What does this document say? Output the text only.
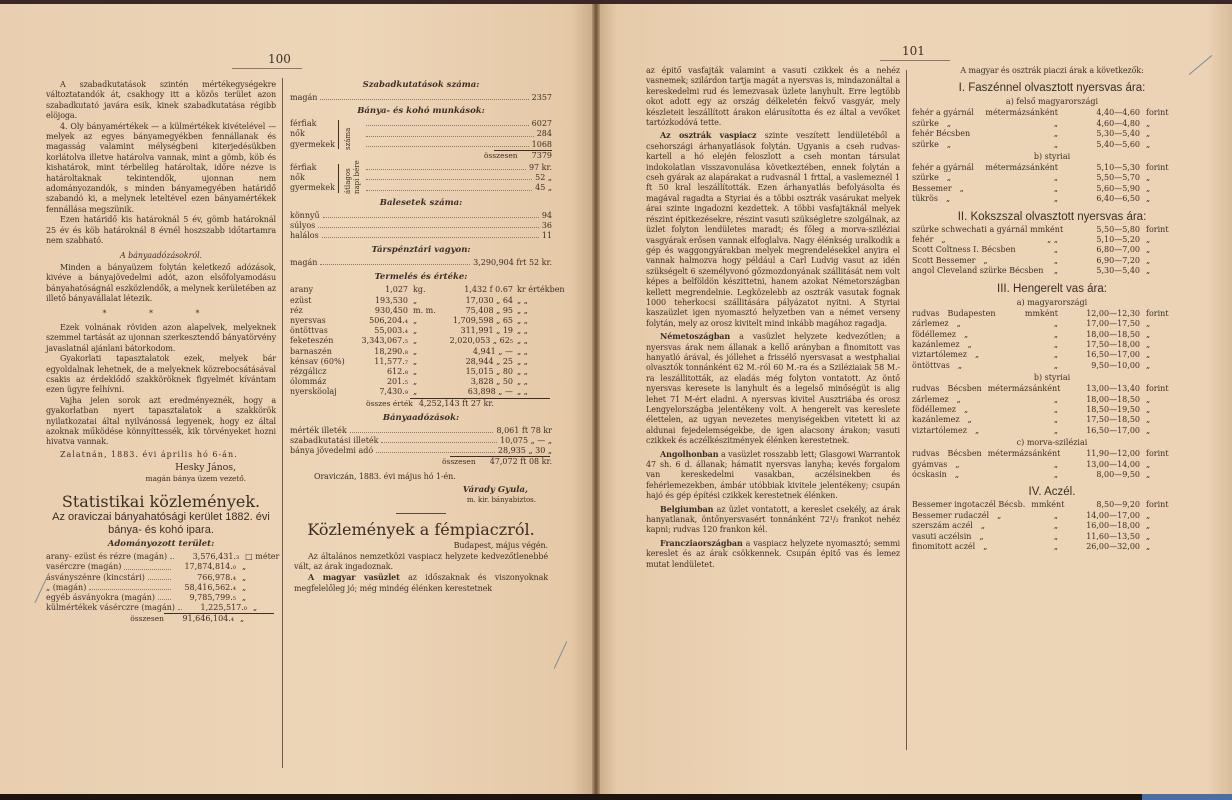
100

A szabadkutatások szintén mértékegységekre változtatandók át, csakhogy itt a közös terület azon szabadkutató javára esik, kinek szabadkutatása régibb elöjoga.

4. Oly bányamértékek — a külmértékek kivételével — melyek az egyes bányamegyékben fennállanak és magasság valamint mélységbeni kiterjedésükben korlátolva illetve határolva vannak, mint a gömb, köb és kishatárok, mint térbelileg határoltak, időre nézve is határoltaknak tekintendők, ujonnan nem adományozandók, s minden bányamegyében határidő szabandó ki, a melynek leteltével ezen bányamértékek fennállása megszünik.

Ezen határidő kis határoknál 5 év, gömb határoknál 25 év és köb határoknál 8 évnél hoszszabb időtartamra nem szabható.

A bányaadózásokról.

Minden a bányaüzem folytán keletkező adózások, kivéve a bányajövedelmi adót, azon elsőfolyamodásu bányahatóságnál eszközlendők, a melynek kerületében az illető bányavállalat létezik.

* * *

Ezek volnának röviden azon alapelvek, melyeknek szemmel tartását az ujonnan szerkesztendő bányatörvény javaslatnál ajánlani bátorkodom.

Gyakorlati tapasztalatok ezek, melyek bár egyoldalnak lehetnek, de a melyeknek közrebocsátásával csakis az érdeklődő szakköröknek figyelmét kívántam ezen ügyre felhívni.

Vajha jelen sorok azt eredményeznék, hogy a gyakorlatban nyert tapasztalatok a szakkörök nyilatkozatai által nyilvánossá legyenek, hogy ez által azoknak működése könnyíttessék, kik törvényeket hozni hivatva vannak.

Zalatnán, 1883. évi április hó 6-án.

Hesky János,
magán bánya üzem vezető.
Statistikai közlemények.
Az oraviczai bányahatósági kerület 1882. évi bánya- és kohó ipara.
Adományozott terület:
arany- ezüst és rézre (magán)	3,576,431.₃ □ méter
vasérczre (magán)	17,874,814.₀ „
ásványszénre (kincstári)	766,978.₄ „
„ (magán)	58,416,562.₄ „
egyéb ásványokra (magán)	9,785,799.₅ „
külmértékek vásérczre (magán)	1,225,517.₀ „
összesen	91,646,104.₄ „
Szabadkutatások száma:
magán	2357
Bánya- és kohó munkások:
száma
férfiak	6027
nők	284
gyermekek	1068
összesen 7379
átlagos napi bére
férfiak	97 kr.
nők	52 „
gyermekek	45 „
Balesetek száma:
könnyű	94
súlyos	36
halálos	11
Társpénztári vagyon:
magán	3,290,904 frt 52 kr.
Termelés és értéke:
arany	1,027 kg.	1,432 f 0.67 kr értékben
ezüst	193,530 „	17,030 „ 64 „ „
réz	930,450 m. m.	75,408 „ 95 „ „
nyersvas	506,204.₄ „	1,709,598 „ 65 „ „
öntöttvas	55,003.₄ „	311,991 „ 19 „ „
feketeszén	3,343,067.₅ „	2,020,053 „ 62₅ „ „
barnaszén	18,290.₈ „	4,941 „ — „ „
kénsav (60%)	11,577.₇ „	28,944 „ 25 „ „
rézgálicz	612.₈ „	15,015 „ 80 „ „
ólommáz	201.₅ „	3,828 „ 50 „ „
nyersköolaj	7,430.₉ „	63,898 „ — „ „
összes érték 4,252,143 ft 27 kr.
Bányaadózások:
mérték illeték	8,061 ft 78 kr
szabadkutatási illeték	10,075 „ — „
bánya jövedelmi adó	28,935 „ 30 „
összesen 47,072 ft 08 kr.
Oraviczán, 1883. évi május hó 1-én.
Várady Gyula,
m. kir. bányabiztos.
Közlemények a fémpiaczról.
Budapest, május végén.

Az általános nemzetközi vaspiacz helyzete kedvezőtlenebbé vált, az árak ingadoznak.

A magyar vasüzlet az időszaknak és viszonyoknak megfelelőleg jó; még mindég élénken kerestetnek

101

az épitő vasfajták valamint a vasuti czikkek és a nehéz vasnemek; szilárdon tartja magát a nyersvas is, mindazonáltal a kereskedelmi rud és lemezvasak üzlete lanyhult. Erre legtöbb okot adott egy az ország délkeletén fekvő vasgyár, mely készleteit leszállított árakon elárusította és ez által a vevőket tartózkodóvá tette.

Az osztrák vaspiacz szinte veszített lendületéből a csehországi árhanyatlások folytán. Ugyanis a cseh rudvas-kartell a hó elején feloszlott a cseh montan társulat indokolatlan visszavonulása következtében, ennek folytán a cseh gyárak az alapárakat a rudvasnál 1 frttal, a vaslemeznél 1 ft 50 kral leszállították. Ezen árhanyatlás befolyásolta és magával ragadta a Styriai és a többi osztrák vasárukat melyek árai szinte ingadozni kezdettek. A többi vasfajtáknál melyek részint épitkezésekre, részint vasuti szükségletre szolgálnak, az üzlet folyton lendületes maradt; és főleg a morva-sziléziai vasgyárak erősen vannak elfoglalva. Nagy élénkség uralkodik a gép és waggongyárakban melyek megrendelésekkel anyira el vannak halmozva hogy például a Carl Ludvig vasut az idén szükségelt 6 személyvonó gőzmozdonyának szállitását nem volt képes a belföldön készittetni, hanem azokat Németországban kellett megrendelnie. Legközelebb az osztrák vasutak fognak 1000 teherkocsi szállitására pályázatot nyitni. A Styriai kaszaüzlet igen nyomasztó helyzetben van a német verseny folytán, mely az orosz kivitelt mind inkább magához ragadja.

Németoszágban a vasüzlet helyzete kedvezőtlen; a nyersvas árak nem állanak a kellő arányban a finomitott vas hanyatló árával, és jóllehet a frissélő nyersvasat a westphaliai olvasztók tonnánként 62 M.-ról 60 M.-ra és a Sziléziaiak 58 M.-ra leszállitották, az eladás még folyton vontatott. Az öntő nyersvas keresete is lanyhult és a legelső minőségüt is alig lehet 71 M-ért eladni. A nyersvas kivitel Ausztriába és orosz Lengyelországba jelentékeny volt. A hengerelt vas kereslete élettelen, az ugyan nevezetes menyiségekben vitetett ki az aldunai fejedelemségekbe, de igen alacsony árakon; vasuti czikkek és aczélkészitmények élénken kerestetnek.

Angolhonban a vasüzlet rosszabb lett; Glasgowi Warrantok 47 sh. 6 d. állanak; hámatit nyersvas lanyha; kevés forgalom van kereskedelmi vasakban, aczélsinekben és fehérlemezekben, ámbár utóbbiak kivitele jelentékeny; csupán hajó és gép építési czikkek kerestetnek élénken.

Belgiumban az üzlet vontatott, a kereslet csekély, az árak hanyatlanak, öntőnyersvasért tonnánként 72¹/₂ frankot nehéz kapni; rudvas 120 frankon kél.

Francziaországban a vaspiacz helyzete nyomasztó; semmi kereslet és az árak csökkennek. Csupán épitő vas és lemez mutat lendületet.

A magyar és osztrák piaczi árak a következők:
I. Faszénnel olvasztott nyersvas ára:
a) felső magyarországi
fehér a gyárnál métermázsánként	4,40—4,60 forint
szürke „	„	4,60—4,80 „
fehér Bécsben	„	5,30—5,40 „
szürke „	„	5,40—5,60 „
b) styriai
fehér a gyárnál métermázsánként	5,10—5,30 forint
szürke „	„	5,50—5,70 „
Bessemer „	„	5,60—5,90 „
tükrös „	„	6,40—6,50 „
II. Kokszszal olvasztott nyersvas ára:
szürke schwechati a gyárnál mmként	5,50—5,80 forint
fehér „	„ „	5,10—5,20 „
Scott Coltness I. Bécsben	„	6,80—7,00 „
Scott Bessemer „	„	6,90—7,20 „
angol Cleveland szürke Bécsben „	5,30—5,40 „
III. Hengerelt vas ára:
a) magyarországi
rudvas Budapesten	mmként	12,00—12,30 forint
zárlemez „	„	17,00—17,50 „
födéllemez „	„	18,00—18,50 „
kazánlemez „	„	17,50—18,00 „
viztartólemez „	„	16,50—17,00 „
öntöttvas „	„	9,50—10,00 „
b) styriai
rudvas Bécsben métermázsánként	13,00—13,40 forint
zárlemez „	„	18,00—18,50 „
födéllemez „	„	18,50—19,50 „
kazánlemez „	„	17,50—18,50 „
viztartólemez „	„	16,50—17,00 „
c) morva-sziléziai
rudvas Bécsben métermázsánként	11,90—12,00 forint
gyámvas „	„	13,00—14,00 „
ócskasin „	„	8,00—9,50 „
IV. Aczél.
Bessemer ingotaczél Bécsb. mmként	8,50—9,20 forint
Bessemer rudaczél „	„	14,00—17,00 „
szerszám aczél „	„	16,00—18,00 „
vasuti aczélsin „	„	11,60—13,50 „
finomitott aczél „	„	26,00—32,00 „
